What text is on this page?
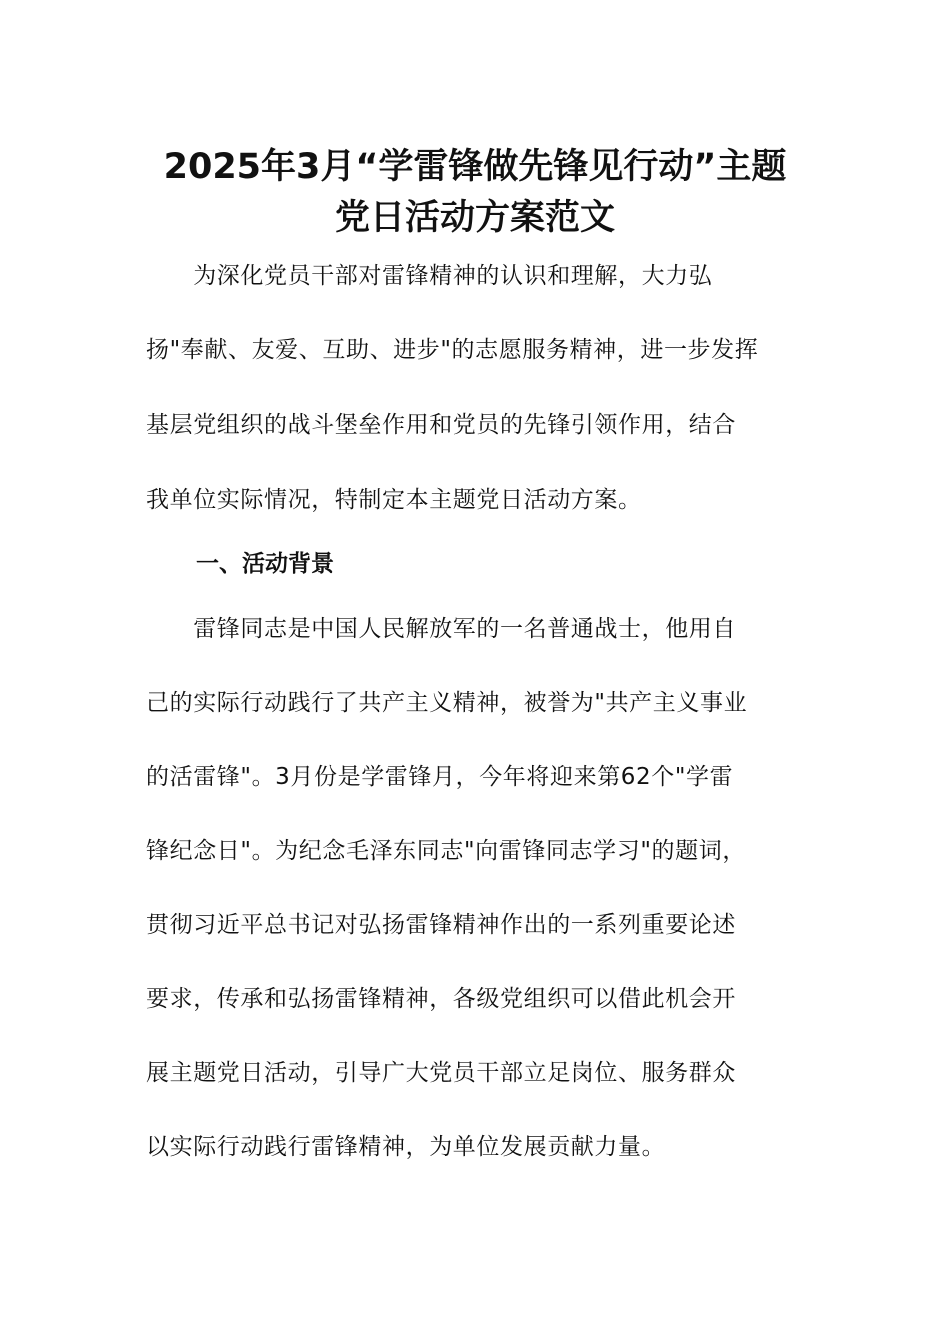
2025年3月“学雷锋做先锋见行动”主题
党日活动方案范文
　　为深化党员干部对雷锋精神的认识和理解，大力弘
扬"奉献、友爱、互助、进步"的志愿服务精神，进一步发挥
基层党组织的战斗堡垒作用和党员的先锋引领作用，结合
我单位实际情况，特制定本主题党日活动方案。
一、活动背景
　　雷锋同志是中国人民解放军的一名普通战士，他用自
己的实际行动践行了共产主义精神，被誉为"共产主义事业
的活雷锋"。3月份是学雷锋月，今年将迎来第62个"学雷
锋纪念日"。为纪念毛泽东同志"向雷锋同志学习"的题词，
贯彻习近平总书记对弘扬雷锋精神作出的一系列重要论述
要求，传承和弘扬雷锋精神，各级党组织可以借此机会开
展主题党日活动，引导广大党员干部立足岗位、服务群众
以实际行动践行雷锋精神，为单位发展贡献力量。
